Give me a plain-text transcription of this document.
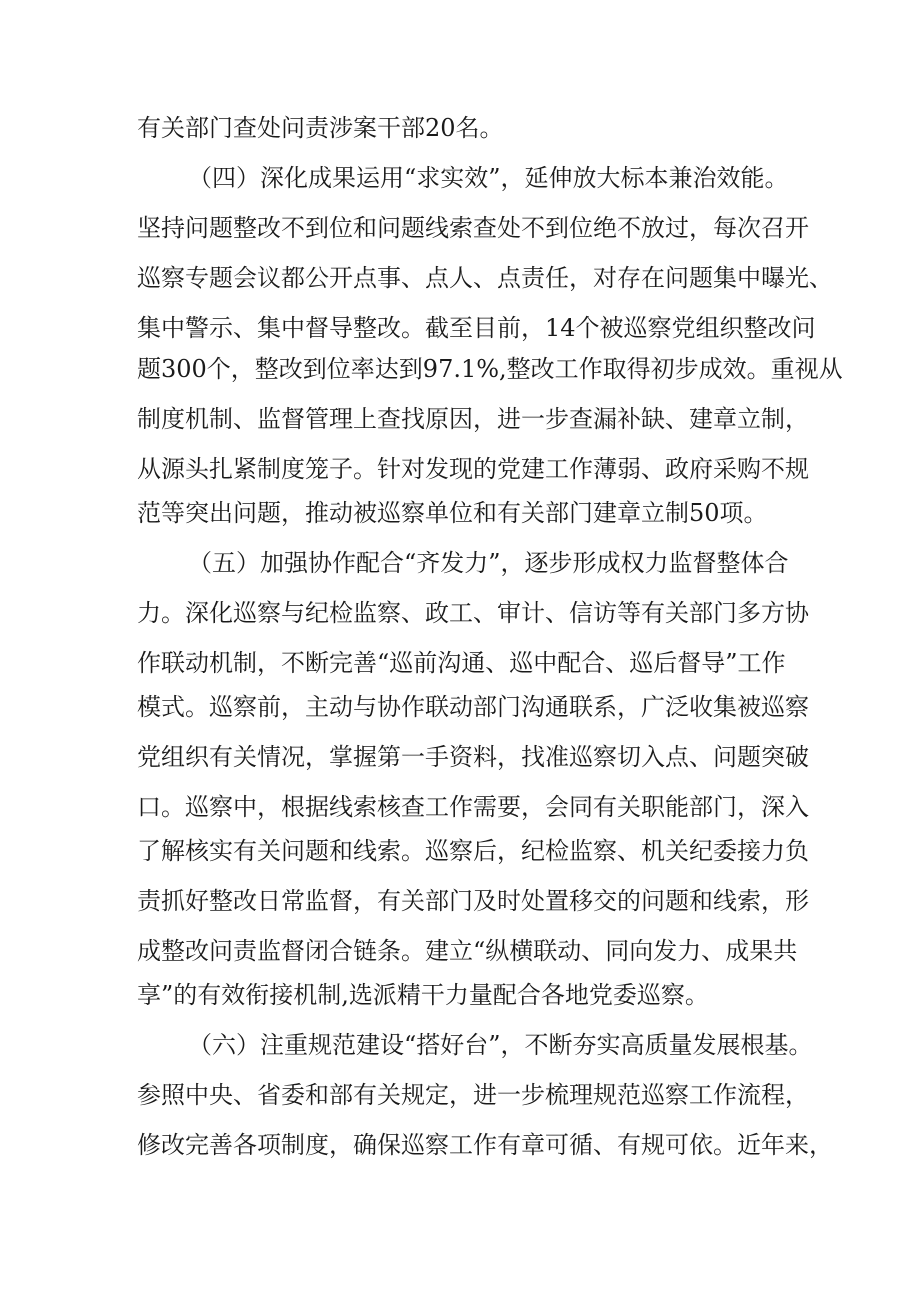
有关部门查处问责涉案干部20名。
（四）深化成果运用“求实效”，延伸放大标本兼治效能。
坚持问题整改不到位和问题线索查处不到位绝不放过，每次召开
巡察专题会议都公开点事、点人、点责任，对存在问题集中曝光、
集中警示、集中督导整改。截至目前，14个被巡察党组织整改问
题300个，整改到位率达到97.1%,整改工作取得初步成效。重视从
制度机制、监督管理上查找原因，进一步查漏补缺、建章立制，
从源头扎紧制度笼子。针对发现的党建工作薄弱、政府采购不规
范等突出问题，推动被巡察单位和有关部门建章立制50项。
（五）加强协作配合“齐发力”，逐步形成权力监督整体合
力。深化巡察与纪检监察、政工、审计、信访等有关部门多方协
作联动机制，不断完善“巡前沟通、巡中配合、巡后督导”工作
模式。巡察前，主动与协作联动部门沟通联系，广泛收集被巡察
党组织有关情况，掌握第一手资料，找准巡察切入点、问题突破
口。巡察中，根据线索核查工作需要，会同有关职能部门，深入
了解核实有关问题和线索。巡察后，纪检监察、机关纪委接力负
责抓好整改日常监督，有关部门及时处置移交的问题和线索，形
成整改问责监督闭合链条。建立“纵横联动、同向发力、成果共
享”的有效衔接机制,选派精干力量配合各地党委巡察。
（六）注重规范建设“搭好台”，不断夯实高质量发展根基。
参照中央、省委和部有关规定，进一步梳理规范巡察工作流程，
修改完善各项制度，确保巡察工作有章可循、有规可依。近年来，
